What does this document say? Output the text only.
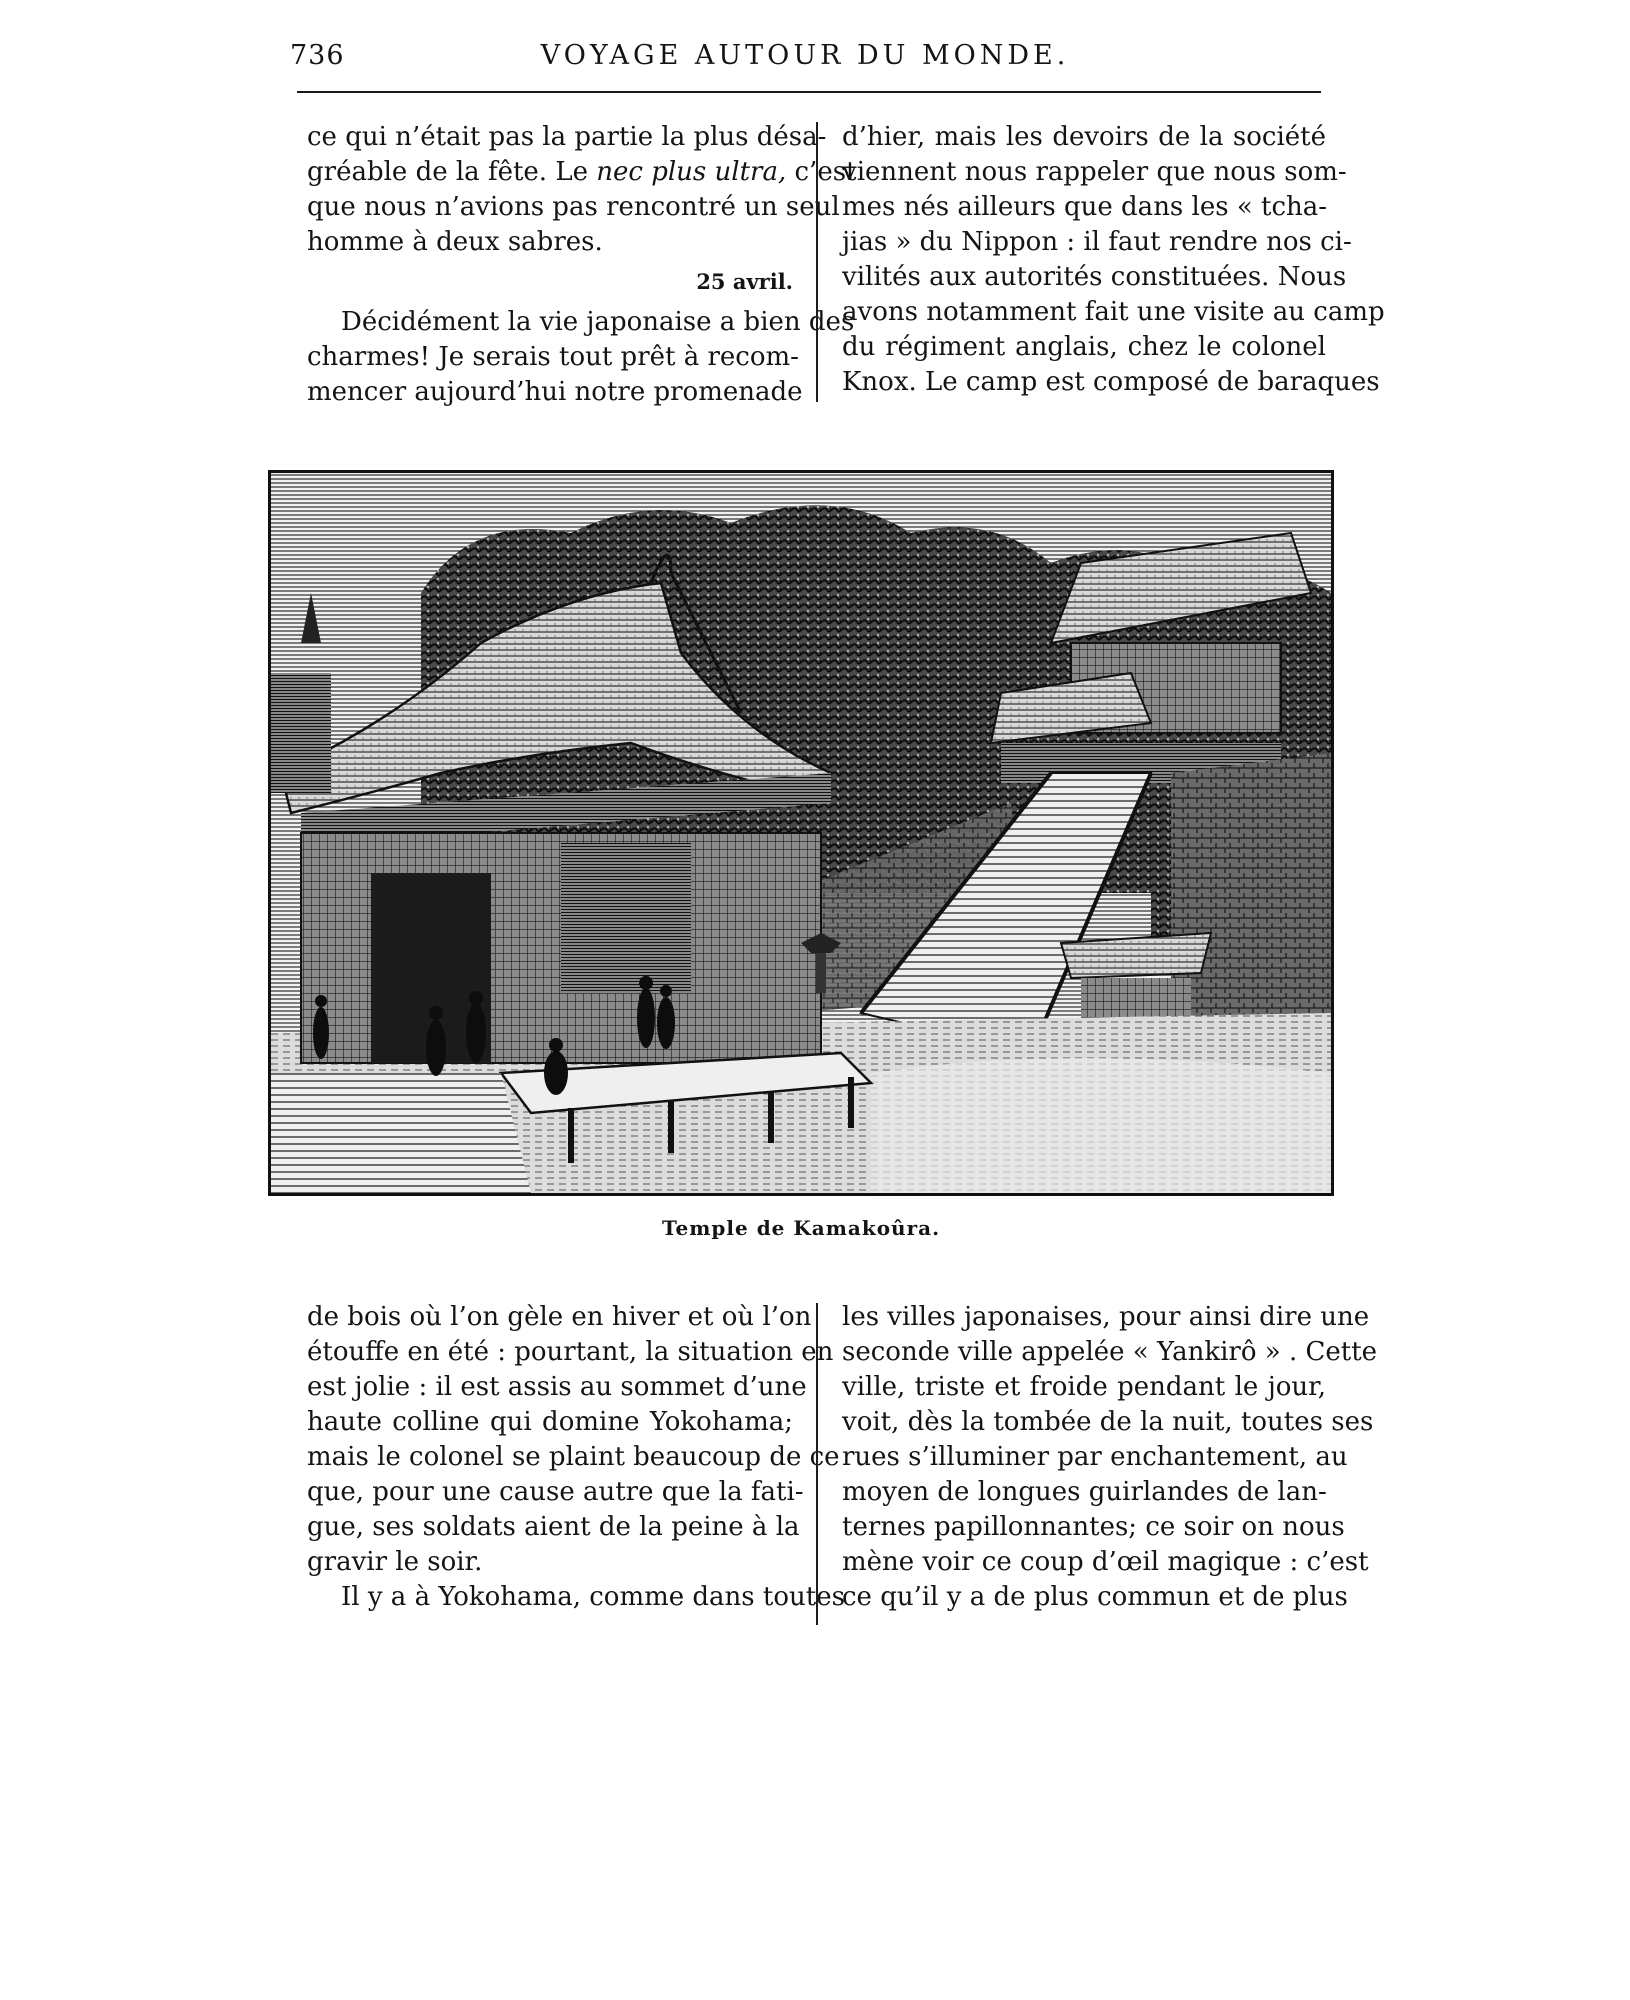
736	VOYAGE AUTOUR DU MONDE.

ce qui n’était pas la partie la plus désa-
gréable de la fête. Le nec plus ultra, c’est
que nous n’avions pas rencontré un seul
homme à deux sabres.

25 avril.

Décidément la vie japonaise a bien des
charmes! Je serais tout prêt à recom-
mencer aujourd’hui notre promenade

d’hier, mais les devoirs de la société
viennent nous rappeler que nous som-
mes nés ailleurs que dans les « tcha-
jias » du Nippon : il faut rendre nos ci-
vilités aux autorités constituées. Nous
avons notamment fait une visite au camp
du régiment anglais, chez le colonel
Knox. Le camp est composé de baraques

Temple de Kamakoûra.

de bois où l’on gèle en hiver et où l’on
étouffe en été : pourtant, la situation en
est jolie : il est assis au sommet d’une
haute colline qui domine Yokohama;
mais le colonel se plaint beaucoup de ce
que, pour une cause autre que la fati-
gue, ses soldats aient de la peine à la
gravir le soir.

Il y a à Yokohama, comme dans toutes

les villes japonaises, pour ainsi dire une
seconde ville appelée « Yankirô » . Cette
ville, triste et froide pendant le jour,
voit, dès la tombée de la nuit, toutes ses
rues s’illuminer par enchantement, au
moyen de longues guirlandes de lan-
ternes papillonnantes; ce soir on nous
mène voir ce coup d’œil magique : c’est
ce qu’il y a de plus commun et de plus
